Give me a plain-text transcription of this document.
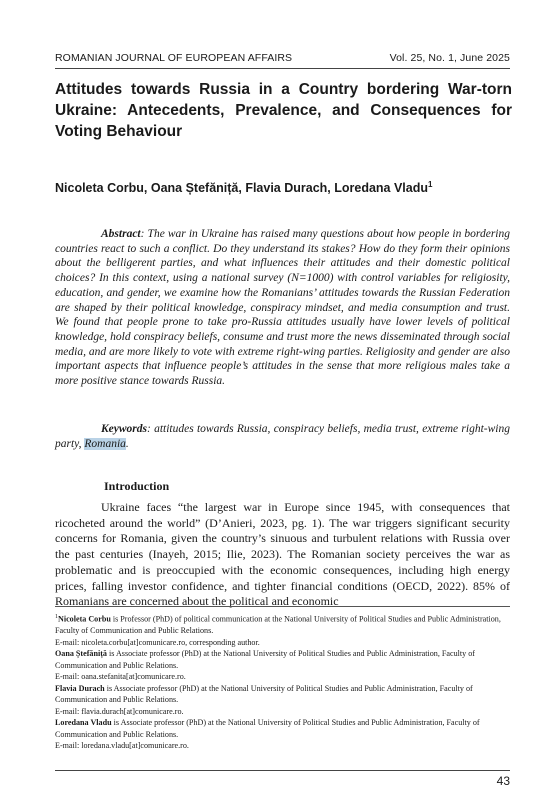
ROMANIAN JOURNAL OF EUROPEAN AFFAIRS	Vol. 25, No. 1, June 2025
Attitudes towards Russia in a Country bordering War-torn Ukraine: Antecedents, Prevalence, and Consequences for Voting Behaviour
Nicoleta Corbu, Oana Ștefăniță, Flavia Durach, Loredana Vladu$^1$
Abstract: The war in Ukraine has raised many questions about how people in bordering countries react to such a conflict. Do they understand its stakes? How do they form their opinions about the belligerent parties, and what influences their attitudes and their domestic political choices? In this context, using a national survey (N=1000) with control variables for religiosity, education, and gender, we examine how the Romanians’ attitudes towards the Russian Federation are shaped by their political knowledge, conspiracy mindset, and media consumption and trust. We found that people prone to take pro-Russia attitudes usually have lower levels of political knowledge, hold conspiracy beliefs, consume and trust more the news disseminated through social media, and are more likely to vote with extreme right-wing parties. Religiosity and gender are also important aspects that influence people’s attitudes in the sense that more religious males take a more positive stance towards Russia.
Keywords: attitudes towards Russia, conspiracy beliefs, media trust, extreme right-wing party, Romania.
Introduction
Ukraine faces “the largest war in Europe since 1945, with consequences that ricocheted around the world” (D’Anieri, 2023, pg. 1). The war triggers significant security concerns for Romania, given the country’s sinuous and turbulent relations with Russia over the past centuries (Inayeh, 2015; Ilie, 2023). The Romanian society perceives the war as problematic and is preoccupied with the economic consequences, including high energy prices, falling investor confidence, and tighter financial conditions (OECD, 2022). 85% of Romanians are concerned about the political and economic

$^1$Nicoleta Corbu is Professor (PhD) of political communication at the National University of Political Studies and Public Administration, Faculty of Communication and Public Relations.

E-mail: nicoleta.corbu[at]comunicare.ro, corresponding author.

Oana Ștefăniță is Associate professor (PhD) at the National University of Political Studies and Public Administration, Faculty of Communication and Public Relations.

E-mail: oana.stefanita[at]comunicare.ro.

Flavia Durach is Associate professor (PhD) at the National University of Political Studies and Public Administration, Faculty of Communication and Public Relations.

E-mail: flavia.durach[at]comunicare.ro.

Loredana Vladu is Associate professor (PhD) at the National University of Political Studies and Public Administration, Faculty of Communication and Public Relations.

E-mail: loredana.vladu[at]comunicare.ro.

43
